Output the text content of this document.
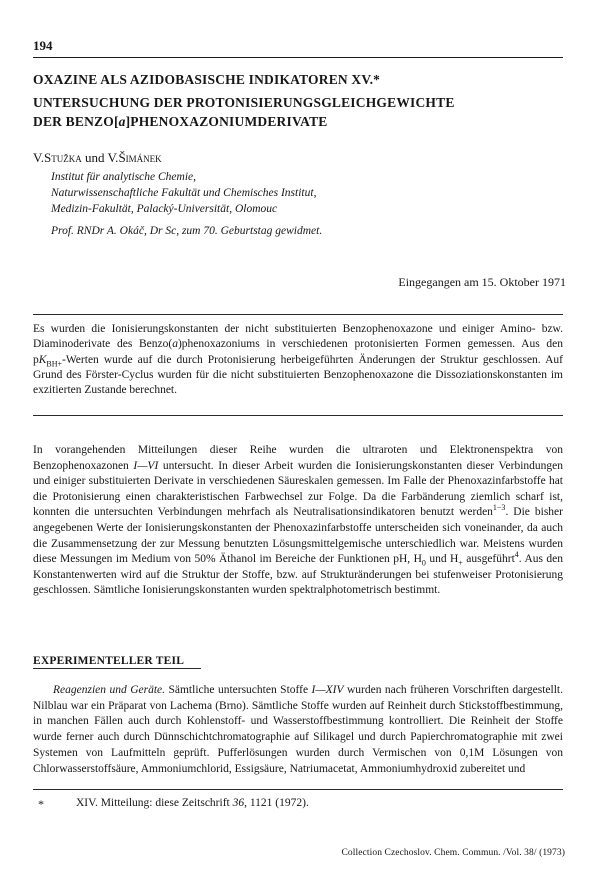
194
OXAZINE ALS AZIDOBASISCHE INDIKATOREN XV.*
UNTERSUCHUNG DER PROTONISIERUNGSGLEICHGEWICHTE
DER BENZO[a]PHENOXAZONIUMDERIVATE
V.Stužka und V.Šimánek
Institut für analytische Chemie,
Naturwissenschaftliche Fakultät und Chemisches Institut,
Medizin-Fakultät, Palacký-Universität, Olomouc
Prof. RNDr A. Okáč, Dr Sc, zum 70. Geburtstag gewidmet.
Eingegangen am 15. Oktober 1971

Es wurden die Ionisierungskonstanten der nicht substituierten Benzophenoxazone und einiger Amino- bzw. Diaminoderivate des Benzo(a)phenoxazoniums in verschiedenen protonisierten Formen gemessen. Aus den $pK_{BH+}$-Werten wurde auf die durch Protonisierung herbeigeführten Änderungen der Struktur geschlossen. Auf Grund des Förster-Cyclus wurden für die nicht substituierten Benzophenoxazone die Dissoziationskonstanten im exzitierten Zustande berechnet.

In vorangehenden Mitteilungen dieser Reihe wurden die ultraroten und Elektronenspektra von Benzophenoxazonen I—VI untersucht. In dieser Arbeit wurden die Ionisierungskonstanten dieser Verbindungen und einiger substituierten Derivate in verschiedenen Säureskalen gemessen. Im Falle der Phenoxazinfarbstoffe hat die Protonisierung einen charakteristischen Farbwechsel zur Folge. Da die Farbänderung ziemlich scharf ist, konnten die untersuchten Verbindungen mehrfach als Neutralisationsindikatoren benutzt werden$^{1-3}$. Die bisher angegebenen Werte der Ionisierungskonstanten der Phenoxazinfarbstoffe unterscheiden sich voneinander, da auch die Zusammensetzung der zur Messung benutzten Lösungsmittelgemische unterschiedlich war. Meistens wurden diese Messungen im Medium von 50% Äthanol im Bereiche der Funktionen pH, $H_0$ und $H_+$ ausgeführt$^4$. Aus den Konstantenwerten wird auf die Struktur der Stoffe, bzw. auf Strukturänderungen bei stufenweiser Protonisierung geschlossen. Sämtliche Ionisierungskonstanten wurden spektralphotometrisch bestimmt.

EXPERIMENTELLER TEIL

Reagenzien und Geräte. Sämtliche untersuchten Stoffe I—XIV wurden nach früheren Vorschriften dargestellt. Nilblau war ein Präparat von Lachema (Brno). Sämtliche Stoffe wurden auf Reinheit durch Stickstoffbestimmung, in manchen Fällen auch durch Kohlenstoff- und Wasserstoffbestimmung kontrolliert. Die Reinheit der Stoffe wurde ferner auch durch Dünnschichtchromatographie auf Silikagel und durch Papierchromatographie mit zwei Systemen von Laufmitteln geprüft. Pufferlösungen wurden durch Vermischen von 0,1M Lösungen von Chlorwasserstoffsäure, Ammoniumchlorid, Essigsäure, Natriumacetat, Ammoniumhydroxid zubereitet und

*	XIV. Mitteilung: diese Zeitschrift 36, 1121 (1972).
Collection Czechoslov. Chem. Commun. /Vol. 38/ (1973)
